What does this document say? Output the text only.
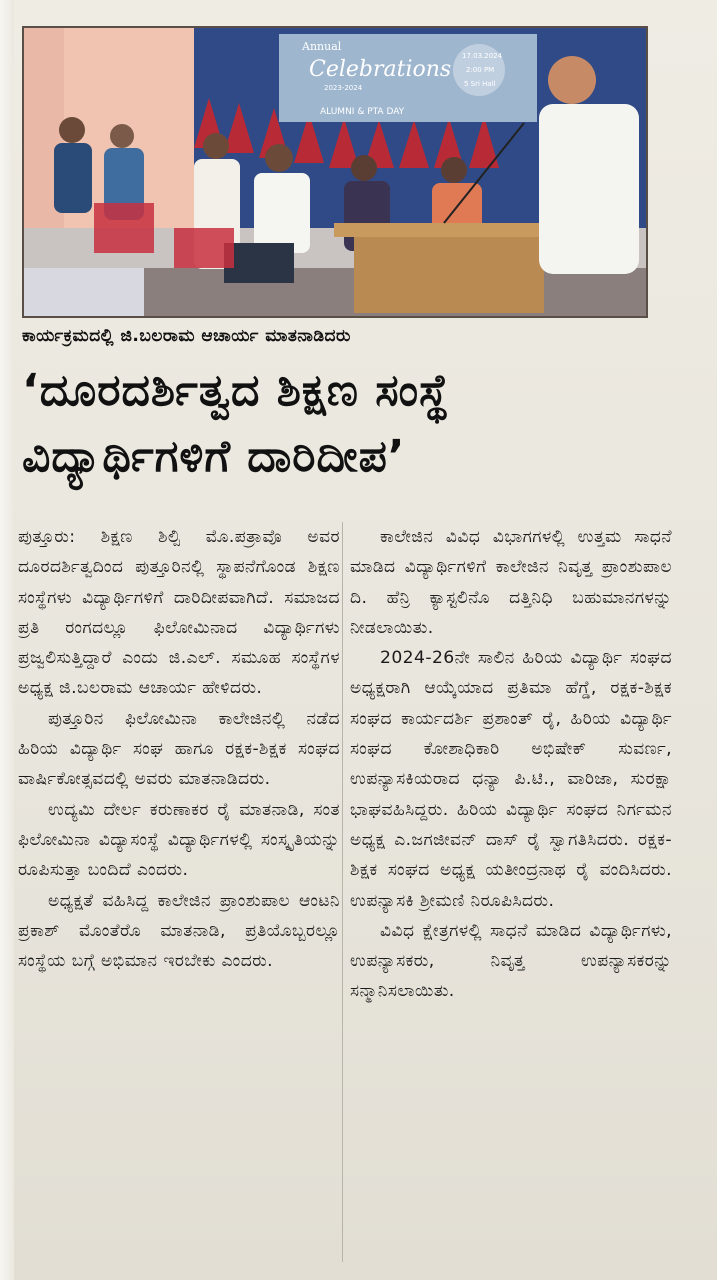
Annual
Celebrations
2023-2024
ALUMNI & PTA DAY
17.03.2024
2:00 PM
5 Sri Hall
ಕಾರ್ಯಕ್ರಮದಲ್ಲಿ ಜಿ.ಬಲರಾಮ ಆಚಾರ್ಯ ಮಾತನಾಡಿದರು
‘ದೂರದರ್ಶಿತ್ವದ ಶಿಕ್ಷಣ ಸಂಸ್ಥೆ
ವಿದ್ಯಾರ್ಥಿಗಳಿಗೆ ದಾರಿದೀಪ’

ಪುತ್ತೂರು: ಶಿಕ್ಷಣ ಶಿಲ್ಪಿ ಮೊ.ಪತ್ರಾವೊ ಅವರ ದೂರದರ್ಶಿತ್ವದಿಂದ ಪುತ್ತೂರಿನಲ್ಲಿ ಸ್ಥಾಪನೆಗೊಂಡ ಶಿಕ್ಷಣ ಸಂಸ್ಥೆಗಳು ವಿದ್ಯಾರ್ಥಿಗಳಿಗೆ ದಾರಿದೀಪವಾಗಿದೆ. ಸಮಾಜದ ಪ್ರತಿ ರಂಗದಲ್ಲೂ ಫಿಲೋಮಿನಾದ ವಿದ್ಯಾರ್ಥಿಗಳು ಪ್ರಜ್ವಲಿಸುತ್ತಿದ್ದಾರೆ ಎಂದು ಜಿ.ಎಲ್. ಸಮೂಹ ಸಂಸ್ಥೆಗಳ ಅಧ್ಯಕ್ಷ ಜಿ.ಬಲರಾಮ ಆಚಾರ್ಯ ಹೇಳಿದರು.

ಪುತ್ತೂರಿನ ಫಿಲೋಮಿನಾ ಕಾಲೇಜಿನಲ್ಲಿ ನಡೆದ ಹಿರಿಯ ವಿದ್ಯಾರ್ಥಿ ಸಂಘ ಹಾಗೂ ರಕ್ಷಕ-ಶಿಕ್ಷಕ ಸಂಘದ ವಾರ್ಷಿಕೋತ್ಸವದಲ್ಲಿ ಅವರು ಮಾತನಾಡಿದರು.

ಉದ್ಯಮಿ ದೇರ್ಲ ಕರುಣಾಕರ ರೈ ಮಾತನಾಡಿ, ಸಂತ ಫಿಲೋಮಿನಾ ವಿದ್ಯಾಸಂಸ್ಥೆ ವಿದ್ಯಾರ್ಥಿಗಳಲ್ಲಿ ಸಂಸ್ಕೃತಿಯನ್ನು ರೂಪಿಸುತ್ತಾ ಬಂದಿದೆ ಎಂದರು.

ಅಧ್ಯಕ್ಷತೆ ವಹಿಸಿದ್ದ ಕಾಲೇಜಿನ ಪ್ರಾಂಶುಪಾಲ ಆಂಟನಿ ಪ್ರಕಾಶ್ ಮೊಂತೆರೊ ಮಾತನಾಡಿ, ಪ್ರತಿಯೊಬ್ಬರಲ್ಲೂ ಸಂಸ್ಥೆಯ ಬಗ್ಗೆ ಅಭಿಮಾನ ಇರಬೇಕು ಎಂದರು.

ಕಾಲೇಜಿನ ವಿವಿಧ ವಿಭಾಗಗಳಲ್ಲಿ ಉತ್ತಮ ಸಾಧನೆ ಮಾಡಿದ ವಿದ್ಯಾರ್ಥಿಗಳಿಗೆ ಕಾಲೇಜಿನ ನಿವೃತ್ತ ಪ್ರಾಂಶುಪಾಲ ದಿ. ಹೆನ್ರಿ ಕ್ಯಾಸ್ಟಲಿನೊ ದತ್ತಿನಿಧಿ ಬಹುಮಾನಗಳನ್ನು ನೀಡಲಾಯಿತು.

2024-26ನೇ ಸಾಲಿನ ಹಿರಿಯ ವಿದ್ಯಾರ್ಥಿ ಸಂಘದ ಅಧ್ಯಕ್ಷರಾಗಿ ಆಯ್ಕೆಯಾದ ಪ್ರತಿಮಾ ಹೆಗ್ಡೆ, ರಕ್ಷಕ-ಶಿಕ್ಷಕ ಸಂಘದ ಕಾರ್ಯದರ್ಶಿ ಪ್ರಶಾಂತ್ ರೈ, ಹಿರಿಯ ವಿದ್ಯಾರ್ಥಿ ಸಂಘದ ಕೋಶಾಧಿಕಾರಿ ಅಭಿಷೇಕ್ ಸುವರ್ಣ, ಉಪನ್ಯಾಸಕಿಯರಾದ ಧನ್ಯಾ ಪಿ.ಟಿ., ವಾರಿಜಾ, ಸುರಕ್ಷಾ ಭಾಘವಹಿಸಿದ್ದರು. ಹಿರಿಯ ವಿದ್ಯಾರ್ಥಿ ಸಂಘದ ನಿರ್ಗಮನ ಅಧ್ಯಕ್ಷ ಎ.ಜಗಜೀವನ್ ದಾಸ್ ರೈ ಸ್ವಾಗತಿಸಿದರು. ರಕ್ಷಕ-ಶಿಕ್ಷಕ ಸಂಘದ ಅಧ್ಯಕ್ಷ ಯತೀಂದ್ರನಾಥ ರೈ ವಂದಿಸಿದರು. ಉಪನ್ಯಾಸಕಿ ಶ್ರೀಮಣಿ ನಿರೂಪಿಸಿದರು.

ವಿವಿಧ ಕ್ಷೇತ್ರಗಳಲ್ಲಿ ಸಾಧನೆ ಮಾಡಿದ ವಿದ್ಯಾರ್ಥಿಗಳು, ಉಪನ್ಯಾಸಕರು, ನಿವೃತ್ತ ಉಪನ್ಯಾಸಕರನ್ನು ಸನ್ಮಾನಿಸಲಾಯಿತು.
